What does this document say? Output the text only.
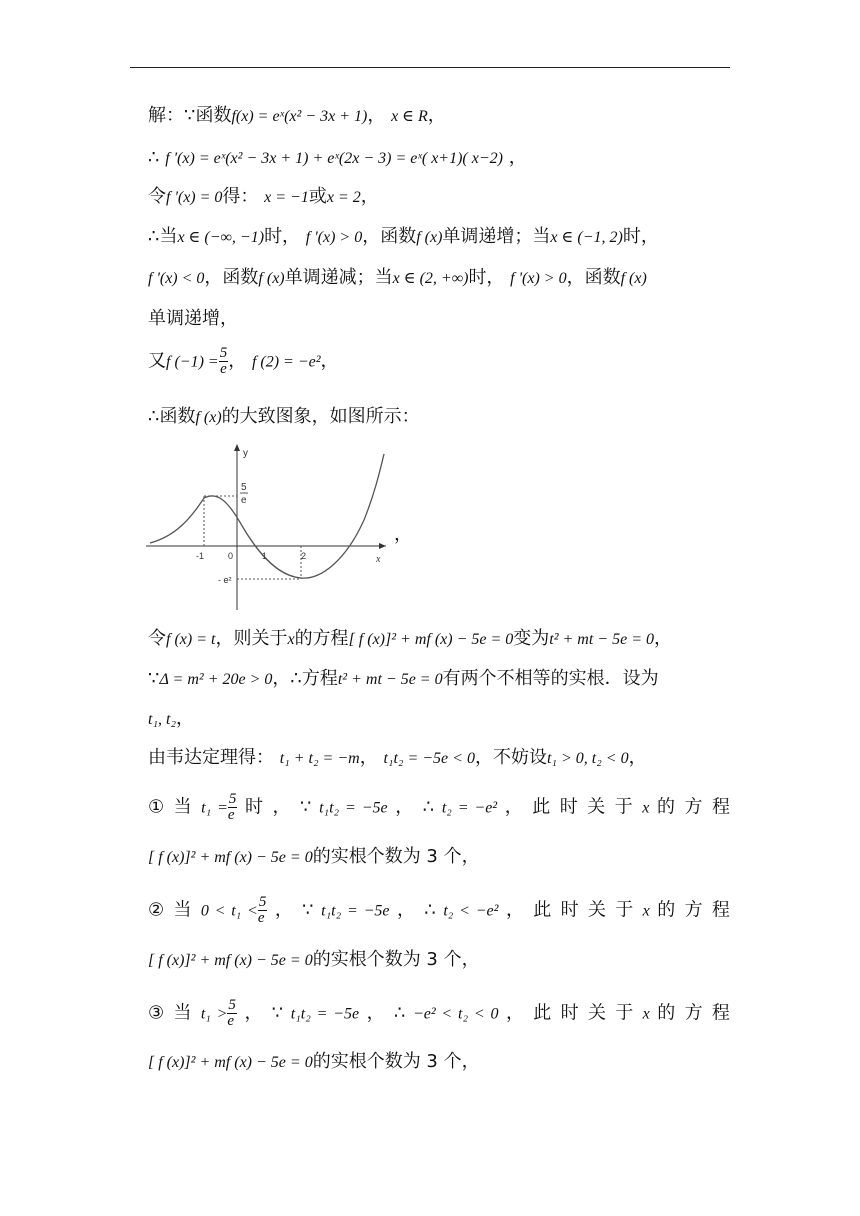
解：∵函数f(x) = eˣ(x² − 3x + 1)， x ∈ R，
∴ f '(x) = eˣ(x² − 3x + 1) + eˣ(2x − 3) = eˣ( x+1)( x−2) ，
令f '(x) = 0得： x = −1或x = 2，
∴当x ∈ (−∞, −1)时， f '(x) > 0，函数f (x)单调递增；当x ∈ (−1, 2)时，
f '(x) < 0，函数f (x)单调递减；当x ∈ (2, +∞)时， f '(x) > 0，函数f (x)
单调递增，
又f $(-1) = \frac{5}{e}$ ， f (2) = −e²，
∴函数f (x)的大致图象，如图所示：
y
x
5
e
- e²
-1	0	1	2
，
令f (x) = t，则关于x的方程[ f (x)]² + mf (x) − 5e = 0变为t² + mt − 5e = 0，
∵Δ = m² + 20e > 0，∴方程t² + mt − 5e = 0有两个不相等的实根．设为
t₁, t₂，
由韦达定理得： t₁ + t₂ = −m， t₁t₂ = −5e < 0，不妨设t₁ > 0, t₂ < 0，
① 当 $t_1 = \frac{5}{e}$ 时 ， ∵ t₁t₂ = −5e ， ∴ t₂ = −e² ， 此 时 关 于 x 的 方 程
[ f (x)]² + mf (x) − 5e = 0的实根个数为 3 个，
② 当 $0 < t_1 < \frac{5}{e}$ ， ∵ t₁t₂ = −5e ， ∴ t₂ < −e² ， 此 时 关 于 x 的 方 程
[ f (x)]² + mf (x) − 5e = 0的实根个数为 3 个，
③ 当 $t_1 > \frac{5}{e}$ ， ∵ t₁t₂ = −5e ， ∴ −e² < t₂ < 0 ， 此 时 关 于 x 的 方 程
[ f (x)]² + mf (x) − 5e = 0的实根个数为 3 个，
